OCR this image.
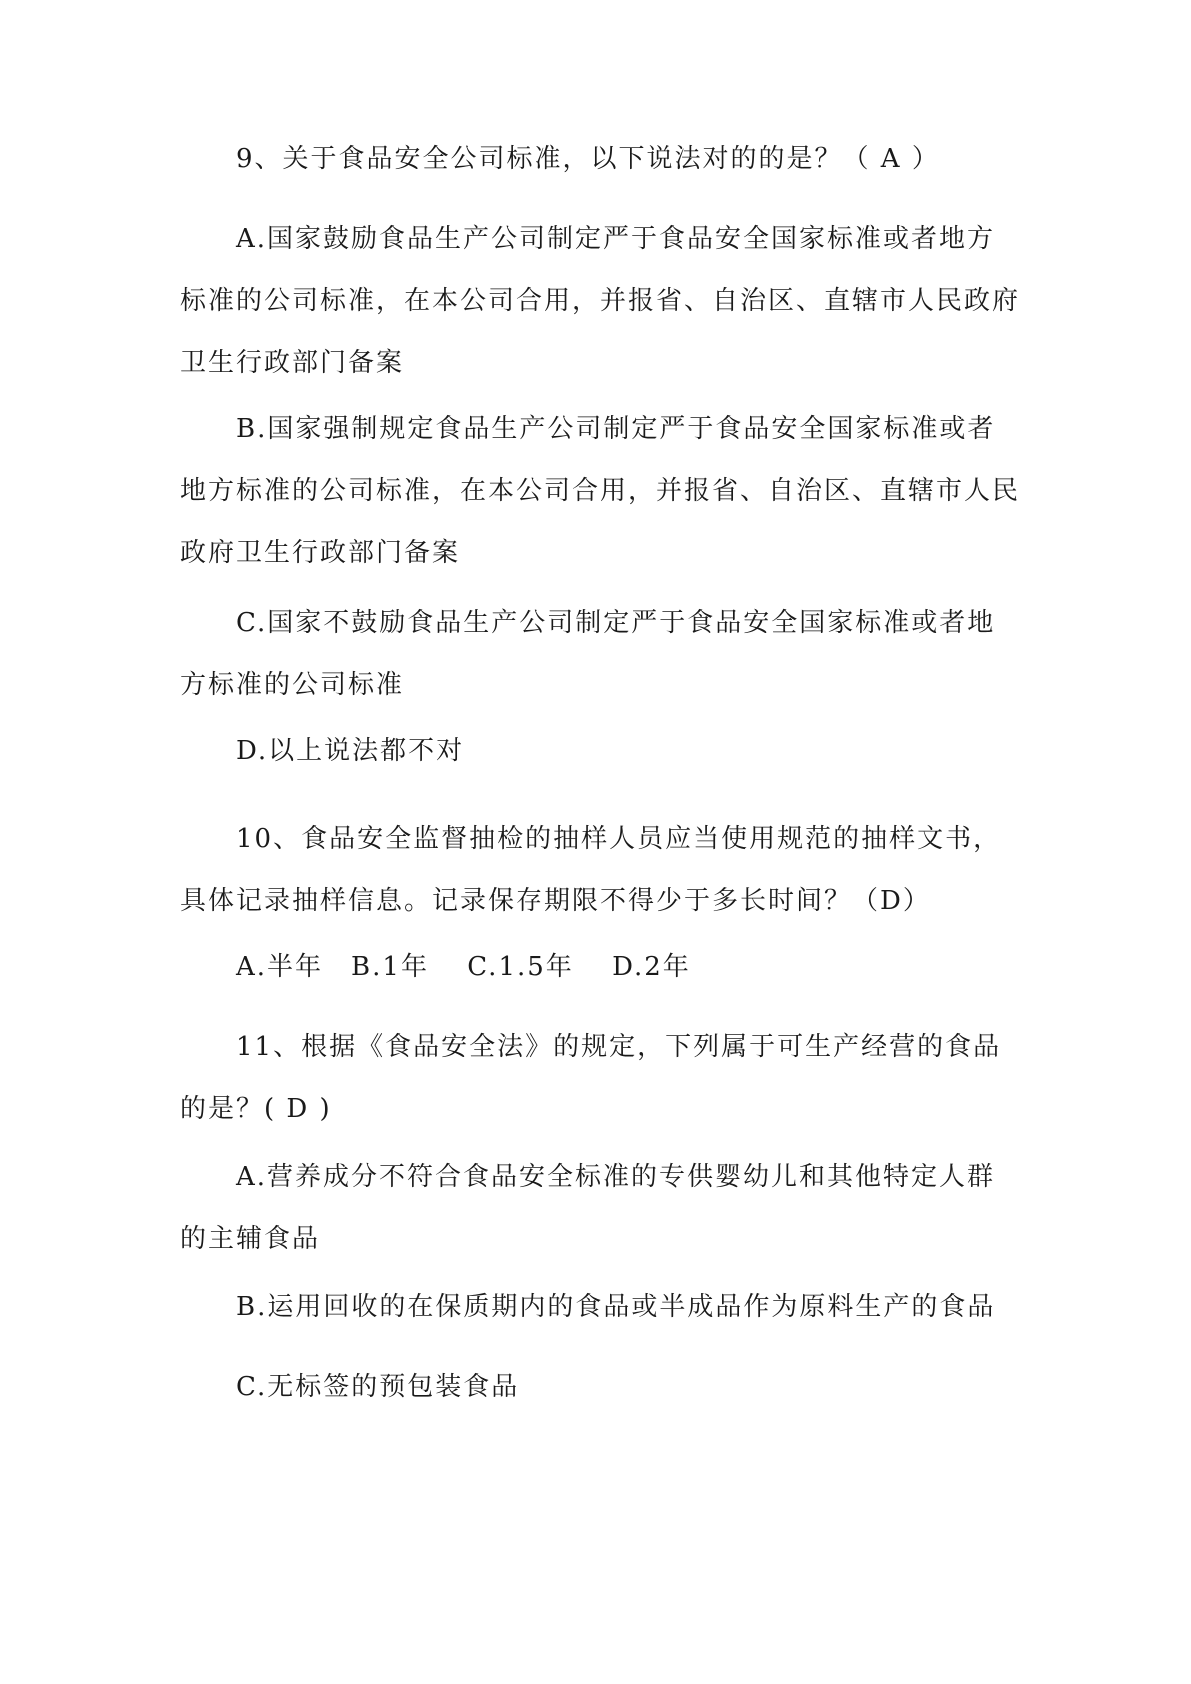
9、关于食品安全公司标准，以下说法对的的是？（ A ）

A.国家鼓励食品生产公司制定严于食品安全国家标准或者地方标准的公司标准，在本公司合用，并报省、自治区、直辖市人民政府卫生行政部门备案

B.国家强制规定食品生产公司制定严于食品安全国家标准或者地方标准的公司标准，在本公司合用，并报省、自治区、直辖市人民政府卫生行政部门备案

C.国家不鼓励食品生产公司制定严于食品安全国家标准或者地方标准的公司标准

D.以上说法都不对

10、食品安全监督抽检的抽样人员应当使用规范的抽样文书，具体记录抽样信息。记录保存期限不得少于多长时间？（D）

A.半年　B.1年　 C.1.5年　 D.2年

11、根据《食品安全法》的规定，下列属于可生产经营的食品的是？( D )

A.营养成分不符合食品安全标准的专供婴幼儿和其他特定人群的主辅食品

B.运用回收的在保质期内的食品或半成品作为原料生产的食品

C.无标签的预包装食品
